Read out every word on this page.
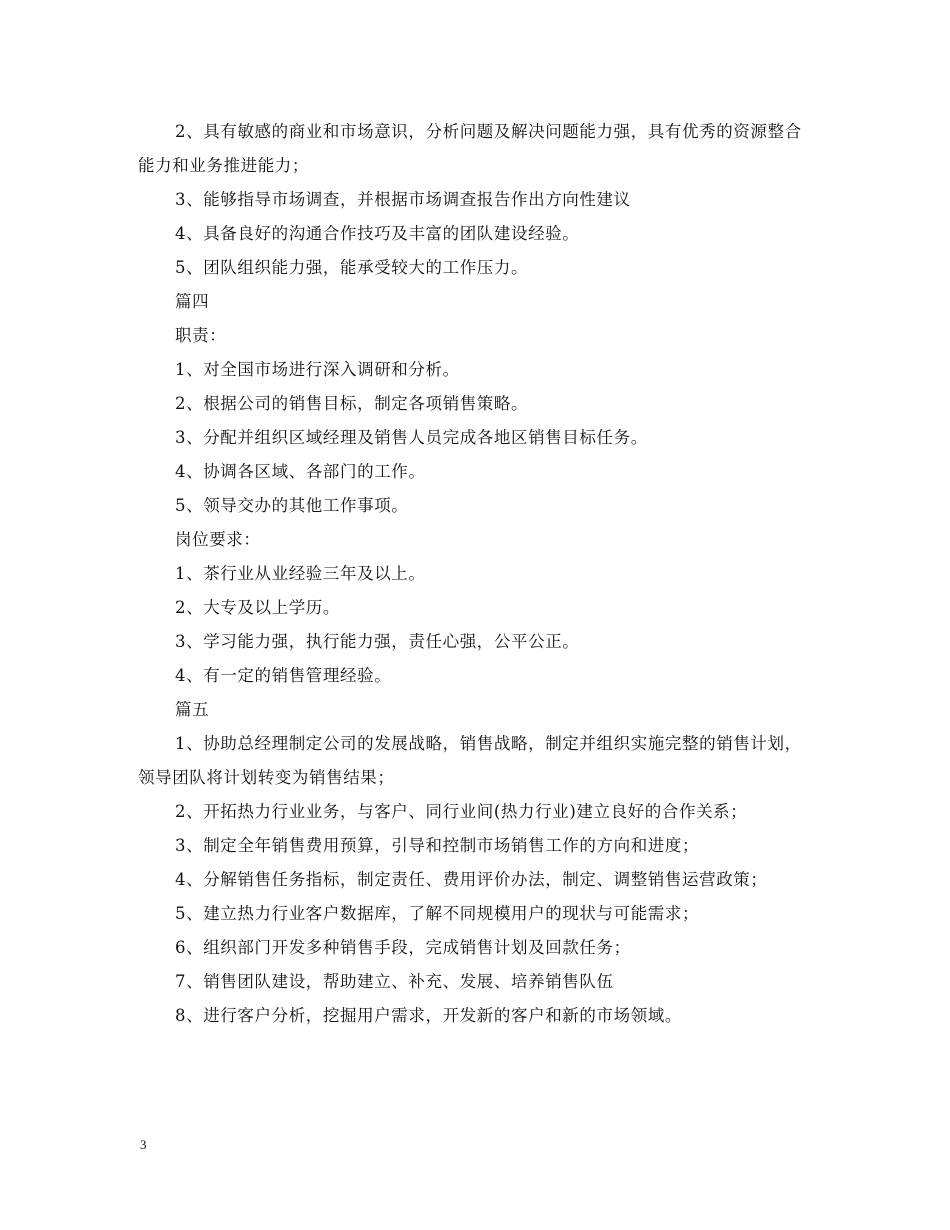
2、具有敏感的商业和市场意识，分析问题及解决问题能力强，具有优秀的资源整合能力和业务推进能力；

3、能够指导市场调查，并根据市场调查报告作出方向性建议

4、具备良好的沟通合作技巧及丰富的团队建设经验。

5、团队组织能力强，能承受较大的工作压力。

篇四

职责：

1、对全国市场进行深入调研和分析。

2、根据公司的销售目标，制定各项销售策略。

3、分配并组织区域经理及销售人员完成各地区销售目标任务。

4、协调各区域、各部门的工作。

5、领导交办的其他工作事项。

岗位要求：

1、茶行业从业经验三年及以上。

2、大专及以上学历。

3、学习能力强，执行能力强，责任心强，公平公正。

4、有一定的销售管理经验。

篇五

1、协助总经理制定公司的发展战略，销售战略，制定并组织实施完整的销售计划，领导团队将计划转变为销售结果；

2、开拓热力行业业务，与客户、同行业间(热力行业)建立良好的合作关系；

3、制定全年销售费用预算，引导和控制市场销售工作的方向和进度；

4、分解销售任务指标，制定责任、费用评价办法，制定、调整销售运营政策；

5、建立热力行业客户数据库，了解不同规模用户的现状与可能需求；

6、组织部门开发多种销售手段，完成销售计划及回款任务；

7、销售团队建设，帮助建立、补充、发展、培养销售队伍

8、进行客户分析，挖掘用户需求，开发新的客户和新的市场领域。

3
